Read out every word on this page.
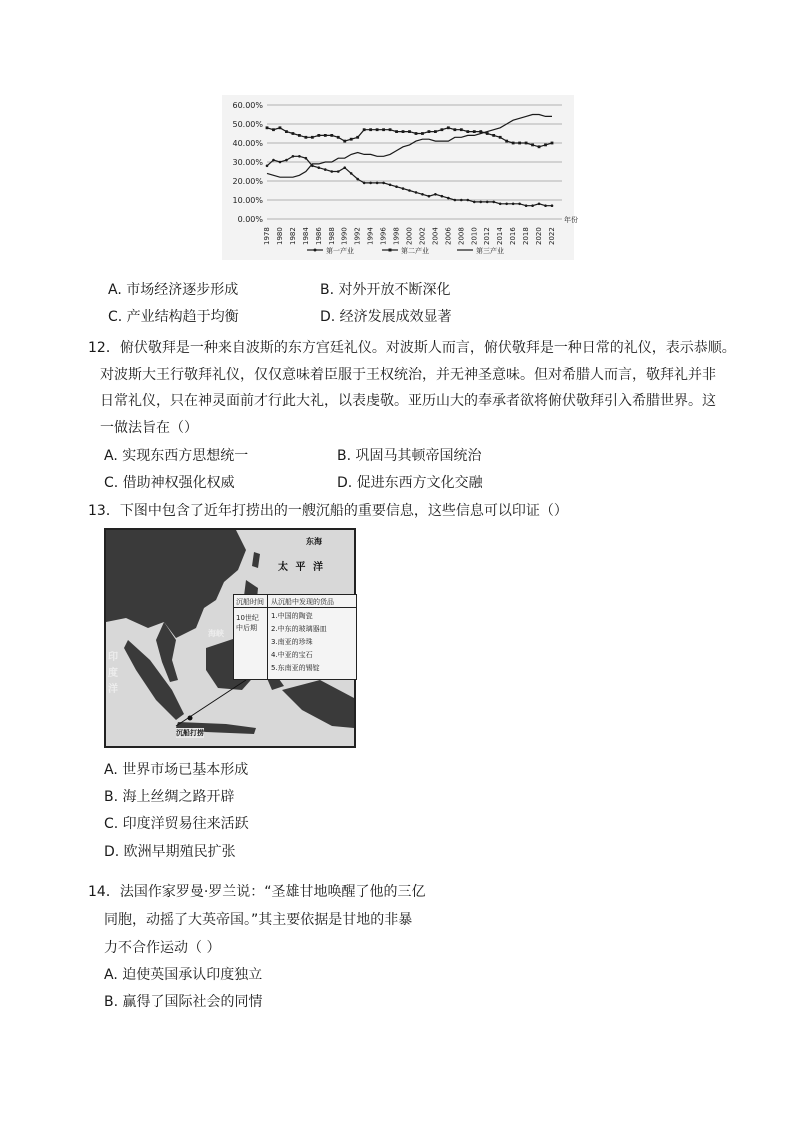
0.00%
10.00%
20.00%
30.00%
40.00%
50.00%
60.00%
1978 1980 1982 1984 1986 1988 1990 1992 1994 1996 1998 2000 2002 2004 2006 2008 2010 2012 2014 2016 2018 2020 2022
年份
第一产业	第二产业	第三产业
A. 市场经济逐步形成	B. 对外开放不断深化
C. 产业结构趋于均衡	D. 经济发展成效显著
12．俯伏敬拜是一种来自波斯的东方宫廷礼仪。对波斯人而言，俯伏敬拜是一种日常的礼仪，表示恭顺。
对波斯大王行敬拜礼仪，仅仅意味着臣服于王权统治，并无神圣意味。但对希腊人而言，敬拜礼并非
日常礼仪，只在神灵面前才行此大礼，以表虔敬。亚历山大的奉承者欲将俯伏敬拜引入希腊世界。这
一做法旨在（）
A. 实现东西方思想统一	B. 巩固马其顿帝国统治
C. 借助神权强化权威	D. 促进东西方文化交融
13．下图中包含了近年打捞出的一艘沉船的重要信息，这些信息可以印证（）
东海
太 平 洋
印
度
洋
海峡
沉船打捞
沉船时间 从沉船中发现的货品
10世纪
中后期
1.中国的陶瓷
2.中东的玻璃器皿
3.南亚的珍珠
4.中亚的宝石
5.东南亚的锡锭
A. 世界市场已基本形成
B. 海上丝绸之路开辟
C. 印度洋贸易往来活跃
D. 欧洲早期殖民扩张
14．法国作家罗曼·罗兰说：“圣雄甘地唤醒了他的三亿
同胞，动摇了大英帝国。”其主要依据是甘地的非暴
力不合作运动（ ）
A. 迫使英国承认印度独立
B. 赢得了国际社会的同情
